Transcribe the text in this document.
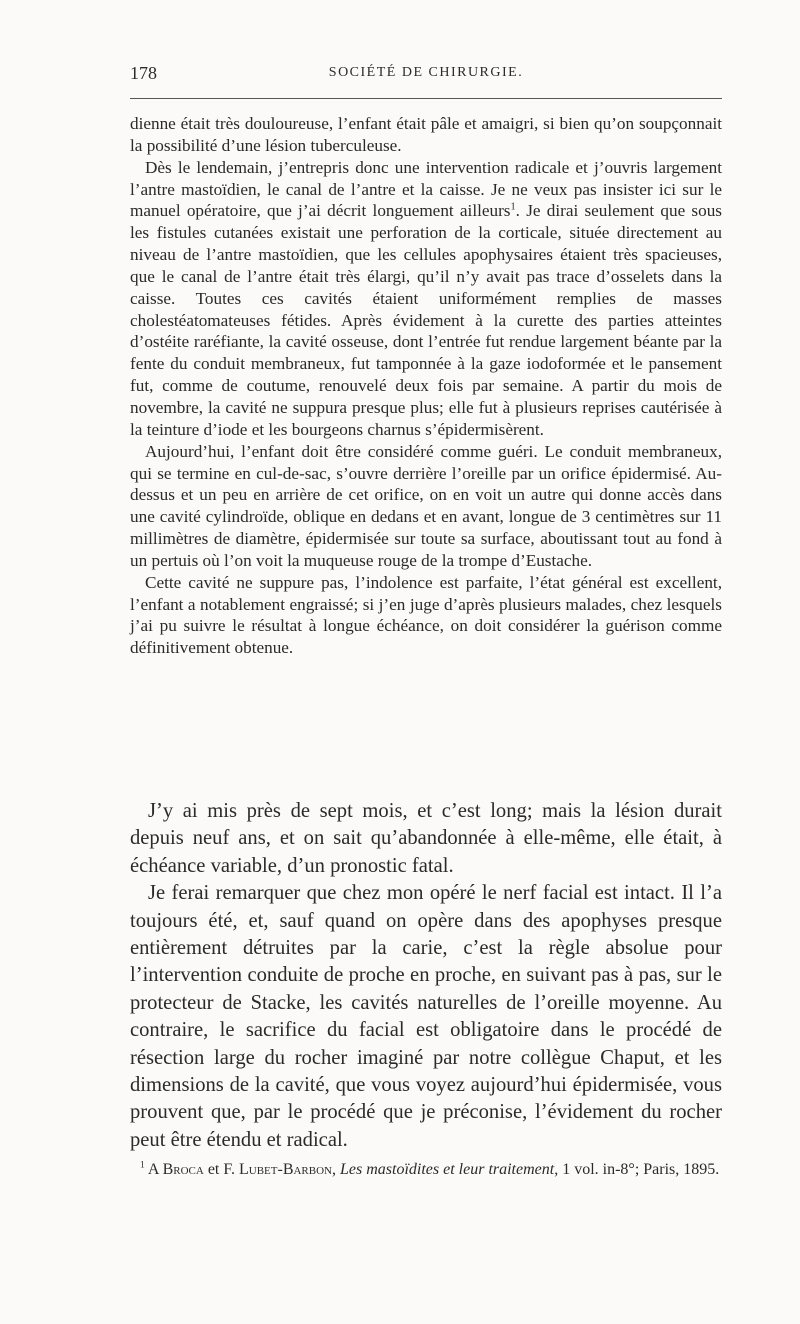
178	SOCIÉTÉ DE CHIRURGIE.

dienne était très douloureuse, l’enfant était pâle et amaigri, si bien qu’on soupçonnait la possibilité d’une lésion tuberculeuse.

Dès le lendemain, j’entrepris donc une intervention radicale et j’ouvris largement l’antre mastoïdien, le canal de l’antre et la caisse. Je ne veux pas insister ici sur le manuel opératoire, que j’ai décrit longuement ailleurs$^1$. Je dirai seulement que sous les fistules cutanées existait une perforation de la corticale, située directement au niveau de l’antre mastoïdien, que les cellules apophysaires étaient très spacieuses, que le canal de l’antre était très élargi, qu’il n’y avait pas trace d’osselets dans la caisse. Toutes ces cavités étaient uniformément remplies de masses cholestéatomateuses fétides. Après évidement à la curette des parties atteintes d’ostéite raréfiante, la cavité osseuse, dont l’entrée fut rendue largement béante par la fente du conduit membraneux, fut tamponnée à la gaze iodoformée et le pansement fut, comme de coutume, renouvelé deux fois par semaine. A partir du mois de novembre, la cavité ne suppura presque plus; elle fut à plusieurs reprises cautérisée à la teinture d’iode et les bourgeons charnus s’épidermisèrent.

Aujourd’hui, l’enfant doit être considéré comme guéri. Le conduit membraneux, qui se termine en cul-de-sac, s’ouvre derrière l’oreille par un orifice épidermisé. Au-dessus et un peu en arrière de cet orifice, on en voit un autre qui donne accès dans une cavité cylindroïde, oblique en dedans et en avant, longue de 3 centimètres sur 11 millimètres de diamètre, épidermisée sur toute sa surface, aboutissant tout au fond à un pertuis où l’on voit la muqueuse rouge de la trompe d’Eustache.

Cette cavité ne suppure pas, l’indolence est parfaite, l’état général est excellent, l’enfant a notablement engraissé; si j’en juge d’après plusieurs malades, chez lesquels j’ai pu suivre le résultat à longue échéance, on doit considérer la guérison comme définitivement obtenue.

J’y ai mis près de sept mois, et c’est long; mais la lésion durait depuis neuf ans, et on sait qu’abandonnée à elle-même, elle était, à échéance variable, d’un pronostic fatal.

Je ferai remarquer que chez mon opéré le nerf facial est intact. Il l’a toujours été, et, sauf quand on opère dans des apophyses presque entièrement détruites par la carie, c’est la règle absolue pour l’intervention conduite de proche en proche, en suivant pas à pas, sur le protecteur de Stacke, les cavités naturelles de l’oreille moyenne. Au contraire, le sacrifice du facial est obligatoire dans le procédé de résection large du rocher imaginé par notre collègue Chaput, et les dimensions de la cavité, que vous voyez aujourd’hui épidermisée, vous prouvent que, par le procédé que je préconise, l’évidement du rocher peut être étendu et radical.

$^1$ A Broca et F. Lubet-Barbon, Les mastoïdites et leur traitement, 1 vol. in-8°; Paris, 1895.
